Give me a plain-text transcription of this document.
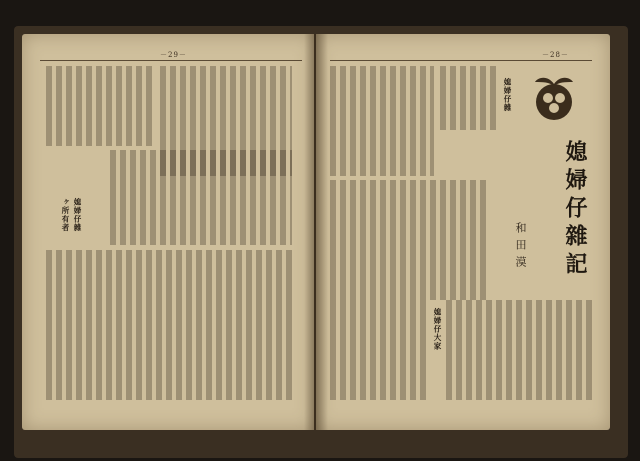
－29－
媳婦仔雜
ヶ所有者
－28－
媳婦仔雜
媳婦仔雜記
和田漠
媳婦仔大家
